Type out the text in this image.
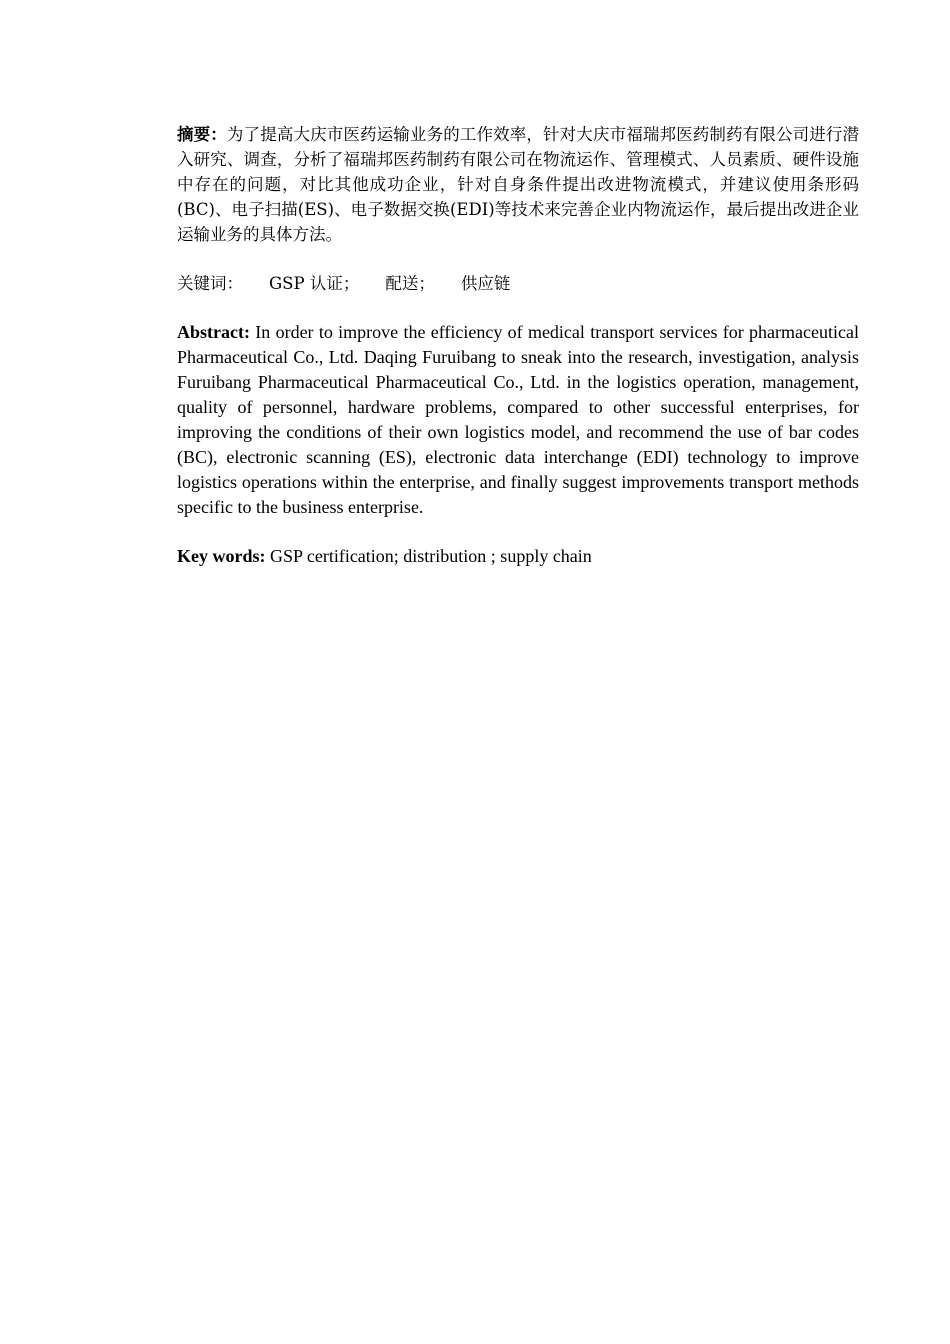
摘要：为了提高大庆市医药运输业务的工作效率，针对大庆市福瑞邦医药制药有限公司进行潜入研究、调查，分析了福瑞邦医药制药有限公司在物流运作、管理模式、人员素质、硬件设施中存在的问题，对比其他成功企业，针对自身条件提出改进物流模式，并建议使用条形码(BC)、电子扫描(ES)、电子数据交换(EDI)等技术来完善企业内物流运作，最后提出改进企业运输业务的具体方法。

关键词： GSP 认证； 配送； 供应链

Abstract: In order to improve the efficiency of medical transport services for pharmaceutical Pharmaceutical Co., Ltd. Daqing Furuibang to sneak into the research, investigation, analysis Furuibang Pharmaceutical Pharmaceutical Co., Ltd. in the logistics operation, management, quality of personnel, hardware problems, compared to other successful enterprises, for improving the conditions of their own logistics model, and recommend the use of bar codes (BC), electronic scanning (ES), electronic data interchange (EDI) technology to improve logistics operations within the enterprise, and finally suggest improvements transport methods specific to the business enterprise.

Key words: GSP certification; distribution ; supply chain
